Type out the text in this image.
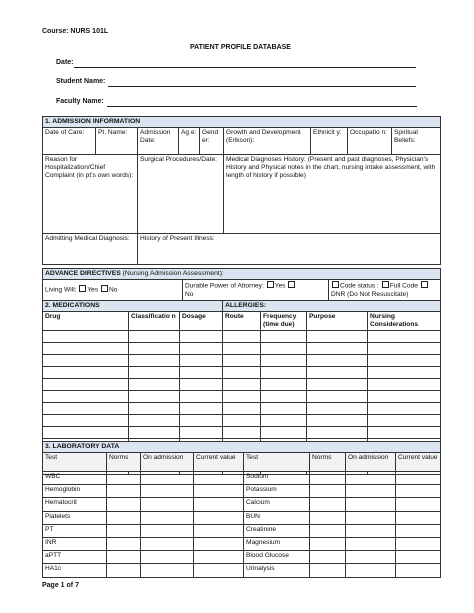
Course: NURS 101L
PATIENT PROFILE DATABASE
Date:
Student Name:
Faculty Name:
1. ADMISSION INFORMATION								
Date of Care:	Pt. Name:	Admission Date:	Ag e:	Gend er:	Growth and Development (Erikson):	Ethnicit y:	Occupatio n:	Spiritual Beliefs:
Reason for Hospitalization/Chief Complaint (in pt’s own words):		Surgical Procedures/Date:			Medical Diagnoses History: (Present and past diagnoses, Physician’s History and Physical notes in the chart, nursing intake assessment, with length of history if possible)			
Admitting Medical Diagnosis:		History of Present Illness:						
ADVANCE DIRECTIVES (Nursing Admission Assessment):
Living Will: Yes No	Durable Power of Attorney: Yes
No	Code status : Full Code
DNR (Do Not Resuscitate)
2. MEDICATIONS			ALLERGIES:			
Drug	Classificatio n	Dosage	Route	Frequency (time due)	Purpose	Nursing Considerations

3. LABORATORY DATA							
Test	Norms	On admission	Current value	Test	Norms	On admission	Current value
WBC				Sodium			
Hemoglobin				Potassium			
Hematocrit				Calcium			
Platelets				BUN			
PT				Creatinine			
INR				Magnesium			
aPTT				Blood Glucose			
HA1c				Urinalysis			
Page 1 of 7
